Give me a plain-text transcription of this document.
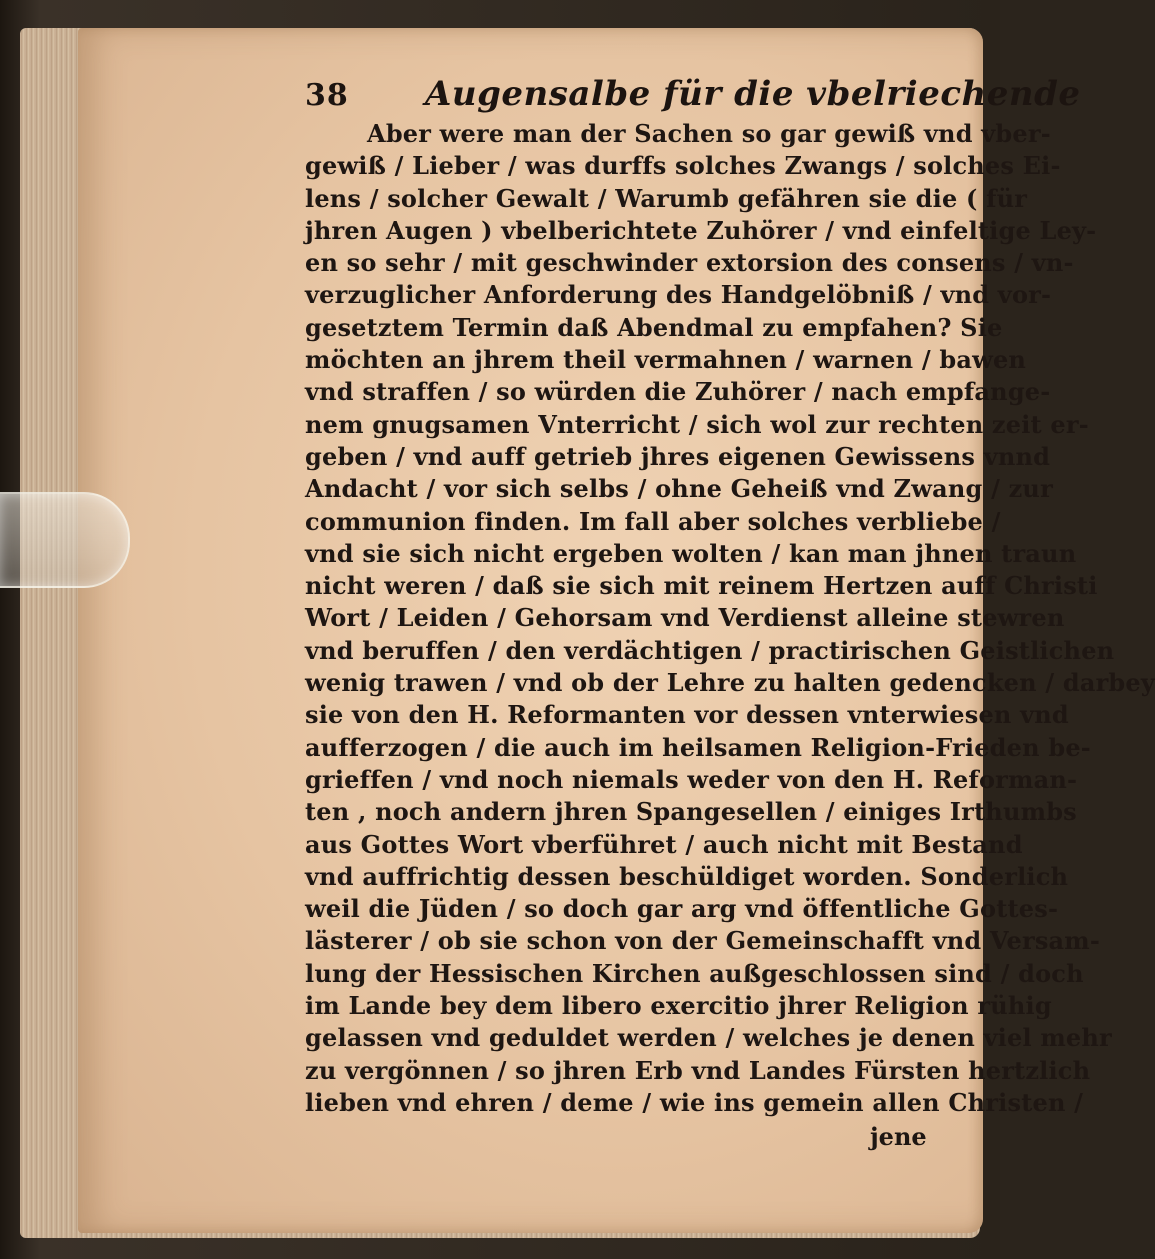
38 Augensalbe für die vbelriechende
Aber were man der Sachen so gar gewiß vnd vber-
gewiß / Lieber / was durffs solches Zwangs / solches Ei-
lens / solcher Gewalt / Warumb gefähren sie die ( für
jhren Augen ) vbelberichtete Zuhörer / vnd einfeltige Ley-
en so sehr / mit geschwinder extorsion des consens / vn-
verzuglicher Anforderung des Handgelöbniß / vnd vor-
gesetztem Termin daß Abendmal zu empfahen? Sie
möchten an jhrem theil vermahnen / warnen / bawen
vnd straffen / so würden die Zuhörer / nach empfange-
nem gnugsamen Vnterricht / sich wol zur rechten zeit er-
geben / vnd auff getrieb jhres eigenen Gewissens vnnd
Andacht / vor sich selbs / ohne Geheiß vnd Zwang / zur
communion finden. Im fall aber solches verbliebe /
vnd sie sich nicht ergeben wolten / kan man jhnen traun
nicht weren / daß sie sich mit reinem Hertzen auff Christi
Wort / Leiden / Gehorsam vnd Verdienst alleine stewren
vnd beruffen / den verdächtigen / practirischen Geistlichen
wenig trawen / vnd ob der Lehre zu halten gedencken / darbey
sie von den H. Reformanten vor dessen vnterwiesen vnd
aufferzogen / die auch im heilsamen Religion-Frieden be-
grieffen / vnd noch niemals weder von den H. Reforman-
ten , noch andern jhren Spangesellen / einiges Irthumbs
aus Gottes Wort vberführet / auch nicht mit Bestand
vnd auffrichtig dessen beschüldiget worden. Sonderlich
weil die Jüden / so doch gar arg vnd öffentliche Gottes-
lästerer / ob sie schon von der Gemeinschafft vnd Versam-
lung der Hessischen Kirchen außgeschlossen sind / doch
im Lande bey dem libero exercitio jhrer Religion rühig
gelassen vnd geduldet werden / welches je denen viel mehr
zu vergönnen / so jhren Erb vnd Landes Fürsten hertzlich
lieben vnd ehren / deme / wie ins gemein allen Christen /
jene
